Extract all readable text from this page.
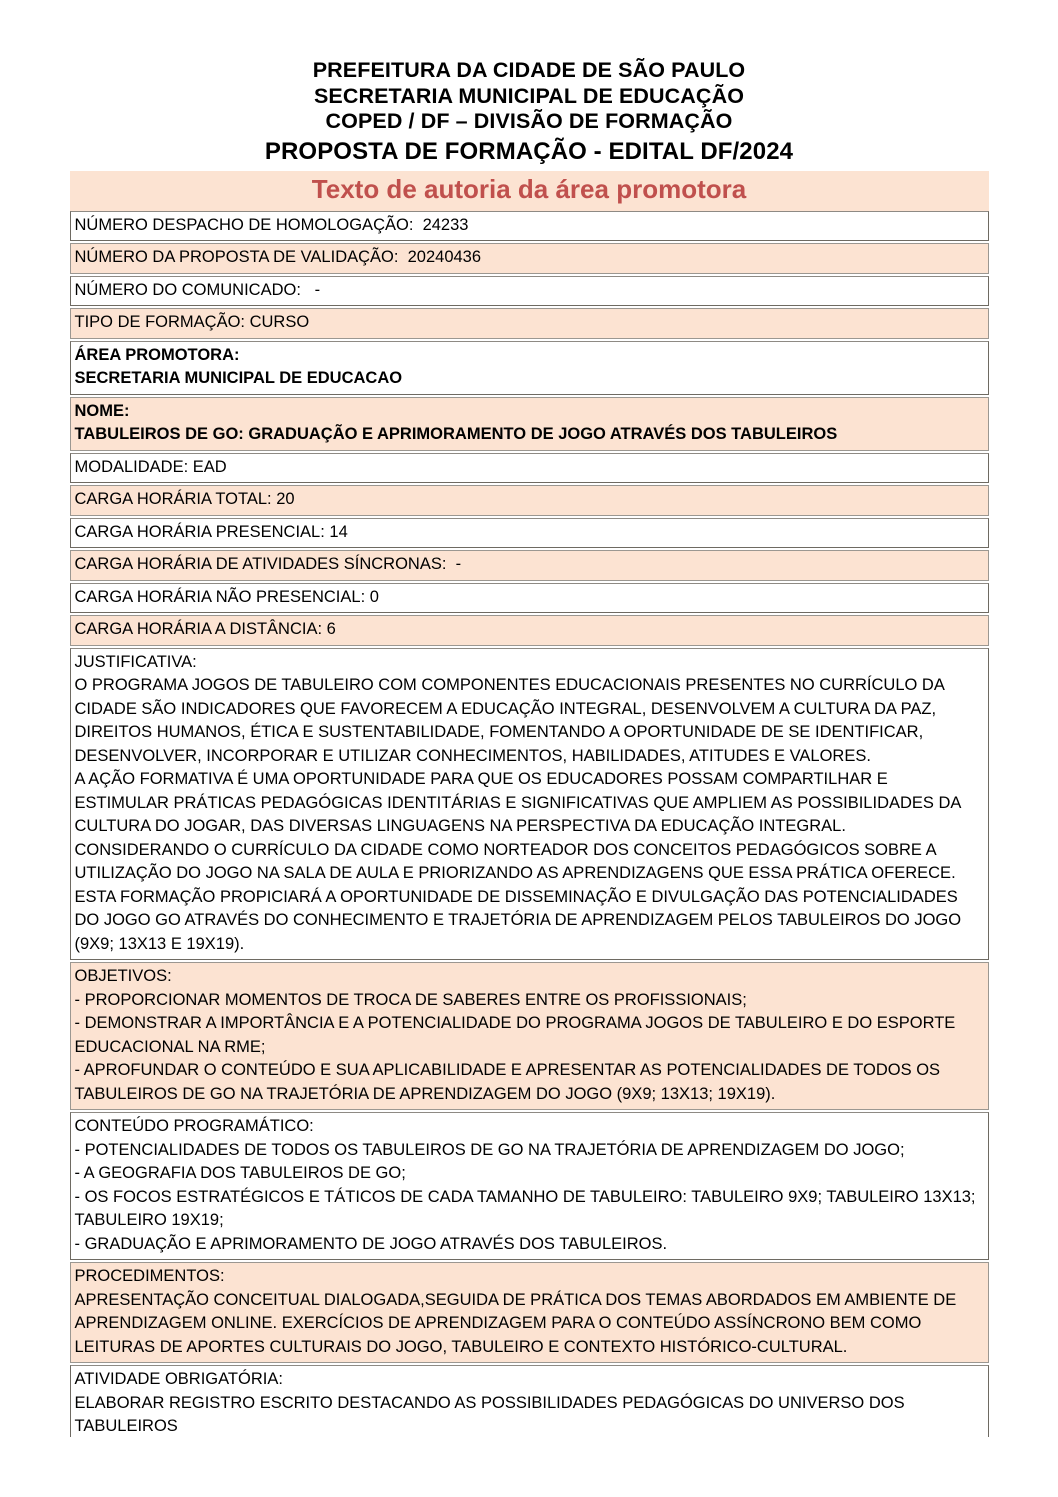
PREFEITURA DA CIDADE DE SÃO PAULO
SECRETARIA MUNICIPAL DE EDUCAÇÃO
COPED / DF – DIVISÃO DE FORMAÇÃO
PROPOSTA DE FORMAÇÃO - EDITAL DF/2024
Texto de autoria da área promotora
NÚMERO DESPACHO DE HOMOLOGAÇÃO:  24233
NÚMERO DA PROPOSTA DE VALIDAÇÃO:  20240436
NÚMERO DO COMUNICADO:   -
TIPO DE FORMAÇÃO: CURSO
ÁREA PROMOTORA:
SECRETARIA MUNICIPAL DE EDUCACAO
NOME:
TABULEIROS DE GO: GRADUAÇÃO E APRIMORAMENTO DE JOGO ATRAVÉS DOS TABULEIROS
MODALIDADE: EAD
CARGA HORÁRIA TOTAL: 20
CARGA HORÁRIA PRESENCIAL: 14
CARGA HORÁRIA DE ATIVIDADES SÍNCRONAS:  -
CARGA HORÁRIA NÃO PRESENCIAL: 0
CARGA HORÁRIA A DISTÂNCIA: 6
JUSTIFICATIVA:
O PROGRAMA JOGOS DE TABULEIRO COM COMPONENTES EDUCACIONAIS PRESENTES NO CURRÍCULO DA CIDADE SÃO INDICADORES QUE FAVORECEM A EDUCAÇÃO INTEGRAL, DESENVOLVEM A CULTURA DA PAZ, DIREITOS HUMANOS, ÉTICA E SUSTENTABILIDADE, FOMENTANDO A OPORTUNIDADE DE SE IDENTIFICAR, DESENVOLVER, INCORPORAR E UTILIZAR CONHECIMENTOS, HABILIDADES, ATITUDES E VALORES.
A AÇÃO FORMATIVA É UMA OPORTUNIDADE PARA QUE OS EDUCADORES POSSAM COMPARTILHAR E ESTIMULAR PRÁTICAS PEDAGÓGICAS IDENTITÁRIAS E SIGNIFICATIVAS QUE AMPLIEM AS POSSIBILIDADES DA CULTURA DO JOGAR, DAS DIVERSAS LINGUAGENS NA PERSPECTIVA DA EDUCAÇÃO INTEGRAL. CONSIDERANDO O CURRÍCULO DA CIDADE COMO NORTEADOR DOS CONCEITOS PEDAGÓGICOS SOBRE A UTILIZAÇÃO DO JOGO NA SALA DE AULA E PRIORIZANDO AS APRENDIZAGENS QUE ESSA PRÁTICA OFERECE.
ESTA FORMAÇÃO PROPICIARÁ A OPORTUNIDADE DE DISSEMINAÇÃO E DIVULGAÇÃO DAS POTENCIALIDADES DO JOGO GO ATRAVÉS DO CONHECIMENTO E TRAJETÓRIA DE APRENDIZAGEM PELOS TABULEIROS DO JOGO (9X9; 13X13 E 19X19).
OBJETIVOS:
- PROPORCIONAR MOMENTOS DE TROCA DE SABERES ENTRE OS PROFISSIONAIS;
- DEMONSTRAR A IMPORTÂNCIA E A POTENCIALIDADE DO PROGRAMA JOGOS DE TABULEIRO E DO ESPORTE EDUCACIONAL NA RME;
- APROFUNDAR O CONTEÚDO E SUA APLICABILIDADE E APRESENTAR AS POTENCIALIDADES DE TODOS OS TABULEIROS DE GO NA TRAJETÓRIA DE APRENDIZAGEM DO JOGO (9X9; 13X13; 19X19).
CONTEÚDO PROGRAMÁTICO:
- POTENCIALIDADES DE TODOS OS TABULEIROS DE GO NA TRAJETÓRIA DE APRENDIZAGEM DO JOGO;
- A GEOGRAFIA DOS TABULEIROS DE GO;
- OS FOCOS ESTRATÉGICOS E TÁTICOS DE CADA TAMANHO DE TABULEIRO: TABULEIRO 9X9; TABULEIRO 13X13; TABULEIRO 19X19;
- GRADUAÇÃO E APRIMORAMENTO DE JOGO ATRAVÉS DOS TABULEIROS.
PROCEDIMENTOS:
APRESENTAÇÃO CONCEITUAL DIALOGADA,SEGUIDA DE PRÁTICA DOS TEMAS ABORDADOS EM AMBIENTE DE APRENDIZAGEM ONLINE. EXERCÍCIOS DE APRENDIZAGEM PARA O CONTEÚDO ASSÍNCRONO BEM COMO LEITURAS DE APORTES CULTURAIS DO JOGO, TABULEIRO E CONTEXTO HISTÓRICO-CULTURAL.
ATIVIDADE OBRIGATÓRIA:
ELABORAR REGISTRO ESCRITO DESTACANDO AS POSSIBILIDADES PEDAGÓGICAS DO UNIVERSO DOS TABULEIROS
